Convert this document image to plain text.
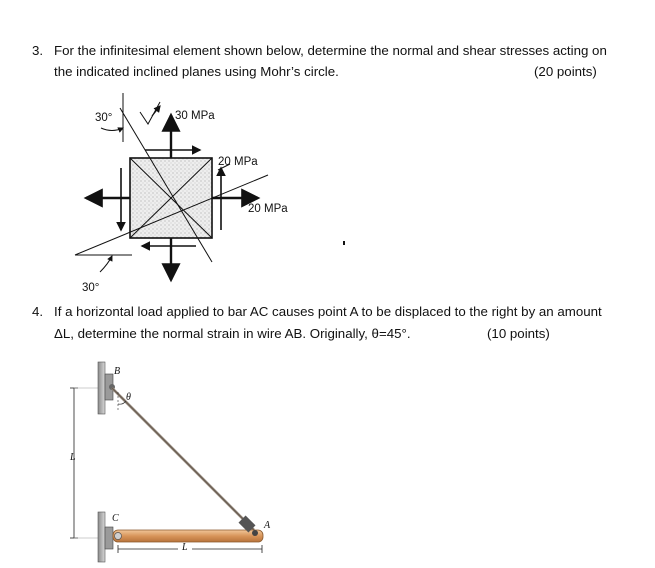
3. For the infinitesimal element shown below, determine the normal and shear stresses acting on
the indicated inclined planes using Mohr’s circle.	(20 points)
30°	30 MPa
20 MPa
20 MPa
30°
4. If a horizontal load applied to bar AC causes point A to be displaced to the right by an amount
ΔL, determine the normal strain in wire AB. Originally, θ=45°.	(10 points)
B
θ
L
C
A
L
